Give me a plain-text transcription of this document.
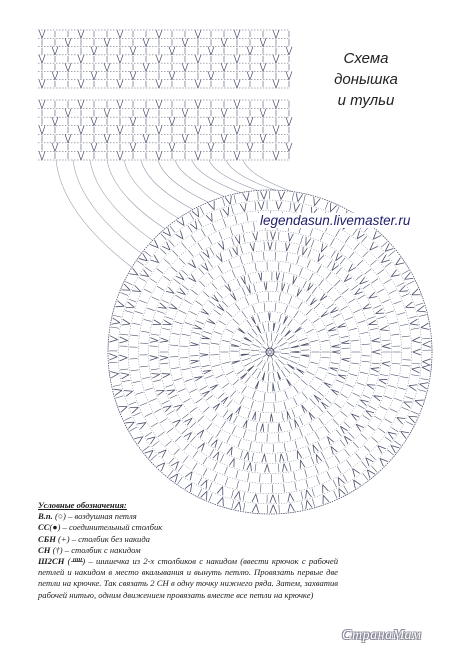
Схема
донышка
и тульи
legendasun.livemaster.ru
Условные обозначения:
В.п. (○) – воздушная петля
СС(●) – соединительный столбик
СБН (+) – столбик без накида
СН (†) – столбик с накидом
Ш2СН (ᚊ) – шишечка из 2-х столбиков с накидом (ввести крючок с рабочей петлей и накидом в место вкалывания и вынуть петлю. Провязать первые две петли на крючке. Так связать 2 СН в одну точку нижнего ряда. Затем, захватив рабочей нитью, одним движением провязать вместе все петли на крючке)
СтранаМам
